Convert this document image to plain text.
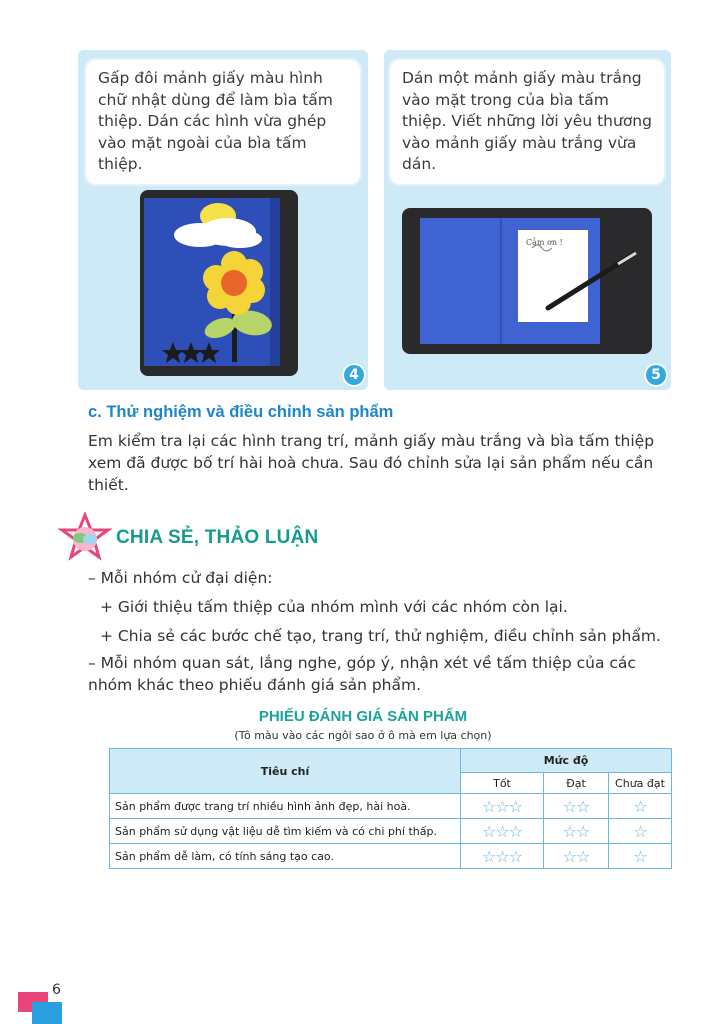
Gấp đôi mảnh giấy màu hình chữ nhật dùng để làm bìa tấm thiệp. Dán các hình vừa ghép vào mặt ngoài của bìa tấm thiệp.
4
Dán một mảnh giấy màu trắng vào mặt trong của bìa tấm thiệp. Viết những lời yêu thương vào mảnh giấy màu trắng vừa dán.
Cảm ơn !
5
c. Thử nghiệm và điều chỉnh sản phẩm
Em kiểm tra lại các hình trang trí, mảnh giấy màu trắng và bìa tấm thiệp xem đã được bố trí hài hoà chưa. Sau đó chỉnh sửa lại sản phẩm nếu cần thiết.
CHIA SẺ, THẢO LUẬN
– Mỗi nhóm cử đại diện:
+ Giới thiệu tấm thiệp của nhóm mình với các nhóm còn lại.
+ Chia sẻ các bước chế tạo, trang trí, thử nghiệm, điều chỉnh sản phẩm.
– Mỗi nhóm quan sát, lắng nghe, góp ý, nhận xét về tấm thiệp của các nhóm khác theo phiếu đánh giá sản phẩm.
PHIẾU ĐÁNH GIÁ SẢN PHẨM
(Tô màu vào các ngôi sao ở ô mà em lựa chọn)
Tiêu chí	Mức độ		
	Tốt	Đạt	Chưa đạt
Sản phẩm được trang trí nhiều hình ảnh đẹp, hài hoà.	☆☆☆	☆☆	☆
Sản phẩm sử dụng vật liệu dễ tìm kiếm và có chi phí thấp.	☆☆☆	☆☆	☆
Sản phẩm dễ làm, có tính sáng tạo cao.	☆☆☆	☆☆	☆
6
